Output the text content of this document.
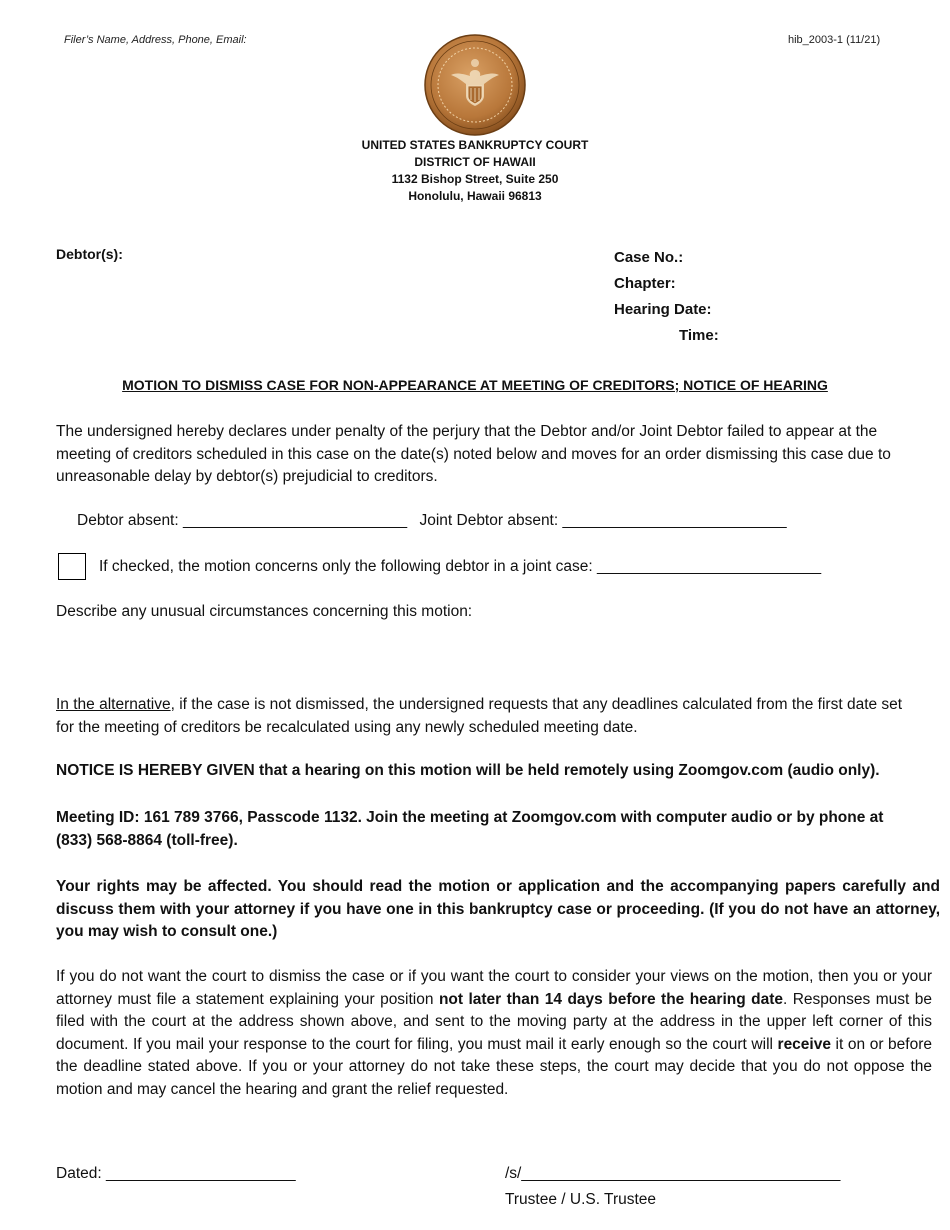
Filer’s Name, Address, Phone, Email:	hib_2003-1 (11/21)
UNITED STATES BANKRUPTCY COURT
DISTRICT OF HAWAII
1132 Bishop Street, Suite 250
Honolulu, Hawaii 96813
Debtor(s):	Case No.:
Chapter:
Hearing Date:
Time:
MOTION TO DISMISS CASE FOR NON-APPEARANCE AT MEETING OF CREDITORS; NOTICE OF HEARING
The undersigned hereby declares under penalty of the perjury that the Debtor and/or Joint Debtor failed to appear at the meeting of creditors scheduled in this case on the date(s) noted below and moves for an order dismissing this case due to unreasonable delay by debtor(s) prejudicial to creditors.
Debtor absent: __________________________ Joint Debtor absent: __________________________
If checked, the motion concerns only the following debtor in a joint case: __________________________
Describe any unusual circumstances concerning this motion:
In the alternative, if the case is not dismissed, the undersigned requests that any deadlines calculated from the first date set for the meeting of creditors be recalculated using any newly scheduled meeting date.
NOTICE IS HEREBY GIVEN that a hearing on this motion will be held remotely using Zoomgov.com (audio only).
Meeting ID: 161 789 3766, Passcode 1132. Join the meeting at Zoomgov.com with computer audio or by phone at (833) 568-8864 (toll-free).
Your rights may be affected. You should read the motion or application and the accompanying papers carefully and discuss them with your attorney if you have one in this bankruptcy case or proceeding. (If you do not have an attorney, you may wish to consult one.)
If you do not want the court to dismiss the case or if you want the court to consider your views on the motion, then you or your attorney must file a statement explaining your position not later than 14 days before the hearing date. Responses must be filed with the court at the address shown above, and sent to the moving party at the address in the upper left corner of this document. If you mail your response to the court for filing, you must mail it early enough so the court will receive it on or before the deadline stated above. If you or your attorney do not take these steps, the court may decide that you do not oppose the motion and may cancel the hearing and grant the relief requested.
Dated: ______________________	/s/_____________________________________
Trustee / U.S. Trustee
